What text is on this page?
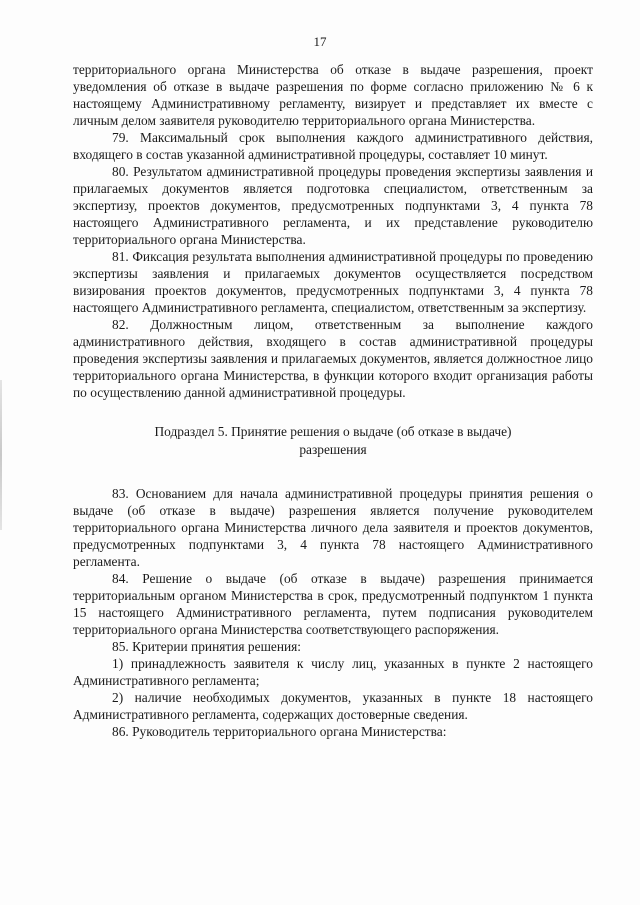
17

территориального органа Министерства об отказе в выдаче разрешения, проект уведомления об отказе в выдаче разрешения по форме согласно приложению № 6 к настоящему Административному регламенту, визирует и представляет их вместе с личным делом заявителя руководителю территориального органа Министерства.

79. Максимальный срок выполнения каждого административного действия, входящего в состав указанной административной процедуры, составляет 10 минут.

80. Результатом административной процедуры проведения экспертизы заявления и прилагаемых документов является подготовка специалистом, ответственным за экспертизу, проектов документов, предусмотренных подпунктами 3, 4 пункта 78 настоящего Административного регламента, и их представление руководителю территориального органа Министерства.

81. Фиксация результата выполнения административной процедуры по проведению экспертизы заявления и прилагаемых документов осуществляется посредством визирования проектов документов, предусмотренных подпунктами 3, 4 пункта 78 настоящего Административного регламента, специалистом, ответственным за экспертизу.

82. Должностным лицом, ответственным за выполнение каждого административного действия, входящего в состав административной процедуры проведения экспертизы заявления и прилагаемых документов, является должностное лицо территориального органа Министерства, в функции которого входит организация работы по осуществлению данной административной процедуры.

Подраздел 5. Принятие решения о выдаче (об отказе в выдаче) разрешения

83. Основанием для начала административной процедуры принятия решения о выдаче (об отказе в выдаче) разрешения является получение руководителем территориального органа Министерства личного дела заявителя и проектов документов, предусмотренных подпунктами 3, 4 пункта 78 настоящего Административного регламента.

84. Решение о выдаче (об отказе в выдаче) разрешения принимается территориальным органом Министерства в срок, предусмотренный подпунктом 1 пункта 15 настоящего Административного регламента, путем подписания руководителем территориального органа Министерства соответствующего распоряжения.

85. Критерии принятия решения:

1) принадлежность заявителя к числу лиц, указанных в пункте 2 настоящего Административного регламента;

2) наличие необходимых документов, указанных в пункте 18 настоящего Административного регламента, содержащих достоверные сведения.

86. Руководитель территориального органа Министерства:
